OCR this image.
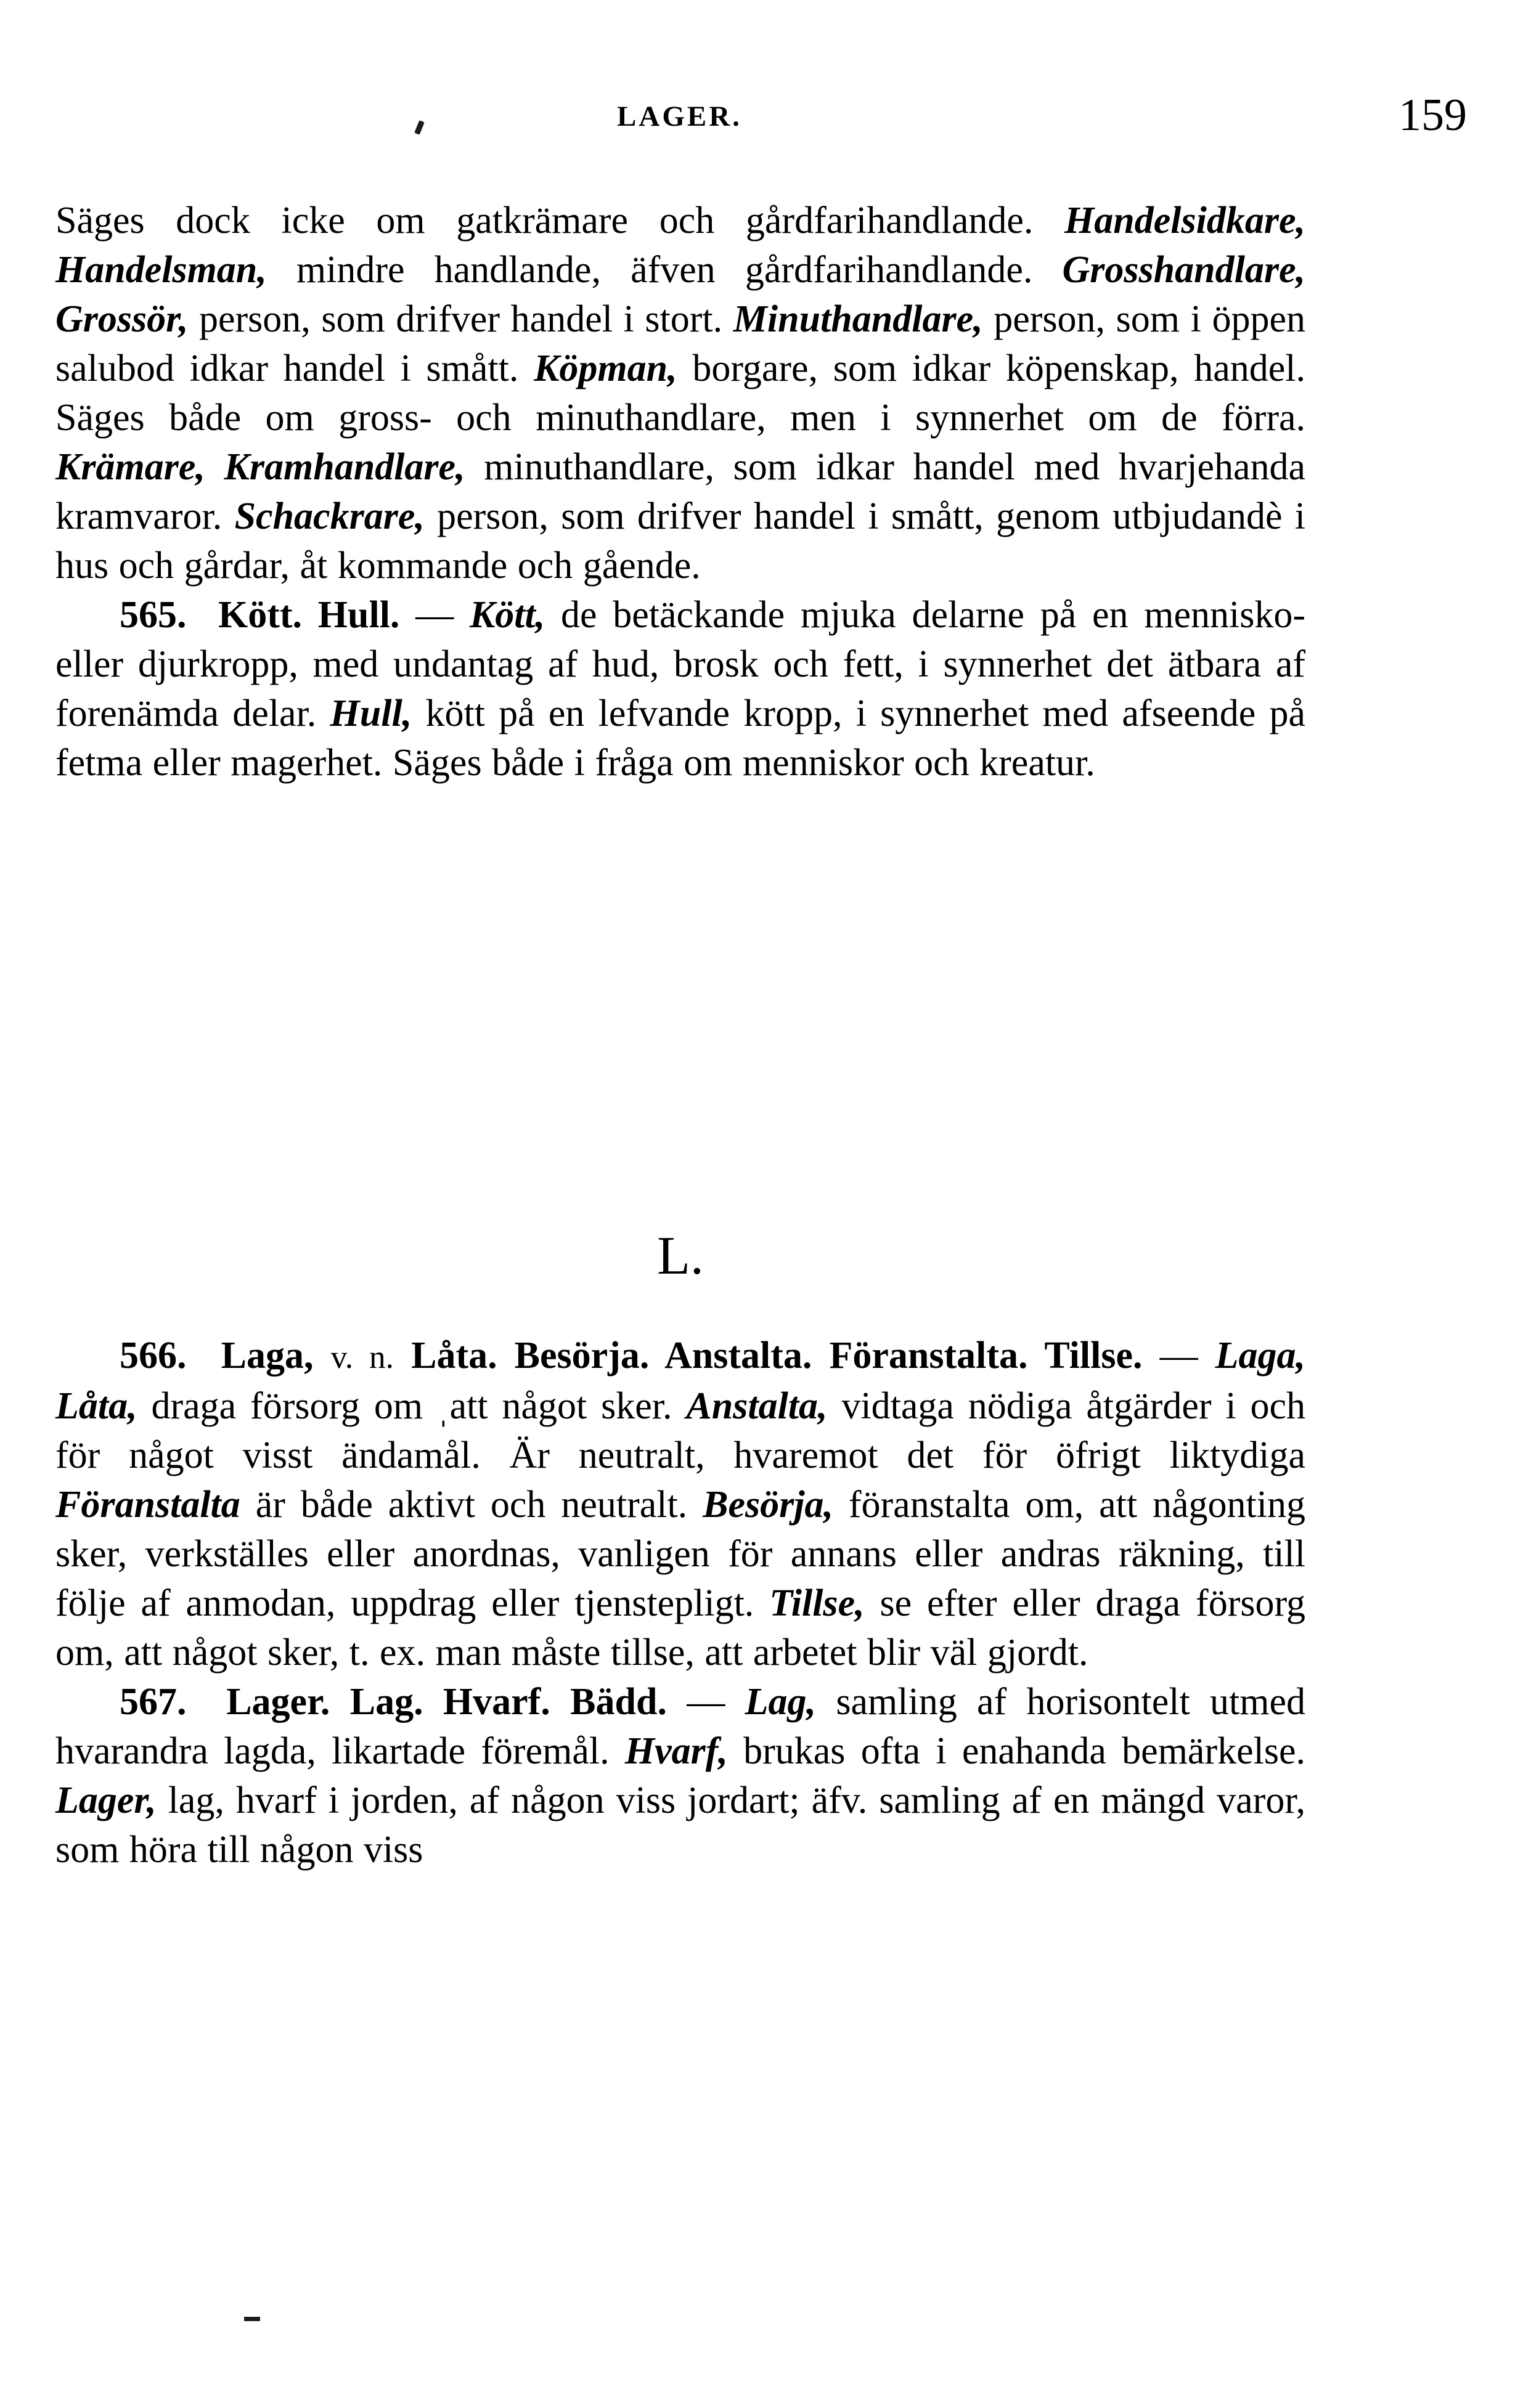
LAGER.	159

Säges dock icke om gatkrämare och gårdfarihandlande. Handelsidkare, Handelsman, mindre handlande, äfven gårdfarihandlande. Grosshandlare, Grossör, person, som drifver handel i stort. Minuthandlare, person, som i öppen salubod idkar handel i smått. Köpman, borgare, som idkar köpenskap, handel. Säges både om gross- och minuthandlare, men i synnerhet om de förra. Krämare, Kramhandlare, minuthandlare, som idkar handel med hvarjehanda kramvaror. Schackrare, person, som drifver handel i smått, genom utbjudandè i hus och gårdar, åt kommande och gående.

565. Kött. Hull. — Kött, de betäckande mjuka delarne på en mennisko- eller djurkropp, med undantag af hud, brosk och fett, i synnerhet det ätbara af forenämda delar. Hull, kött på en lefvande kropp, i synnerhet med afseende på fetma eller magerhet. Säges både i fråga om menniskor och kreatur.

L.

566. Laga, v. n. Låta. Besörja. Anstalta. Föranstalta. Tillse. — Laga, Låta, draga försorg om ˌatt något sker. Anstalta, vidtaga nödiga åtgärder i och för något visst ändamål. Är neutralt, hvaremot det för öfrigt liktydiga Föranstalta är både aktivt och neutralt. Besörja, föranstalta om, att någonting sker, verkställes eller anordnas, vanligen för annans eller andras räkning, till följe af anmodan, uppdrag eller tjenstepligt. Tillse, se efter eller draga försorg om, att något sker, t. ex. man måste tillse, att arbetet blir väl gjordt.

567. Lager. Lag. Hvarf. Bädd. — Lag, samling af horisontelt utmed hvarandra lagda, likartade föremål. Hvarf, brukas ofta i enahanda bemärkelse. Lager, lag, hvarf i jorden, af någon viss jordart; äfv. samling af en mängd varor, som höra till någon viss
